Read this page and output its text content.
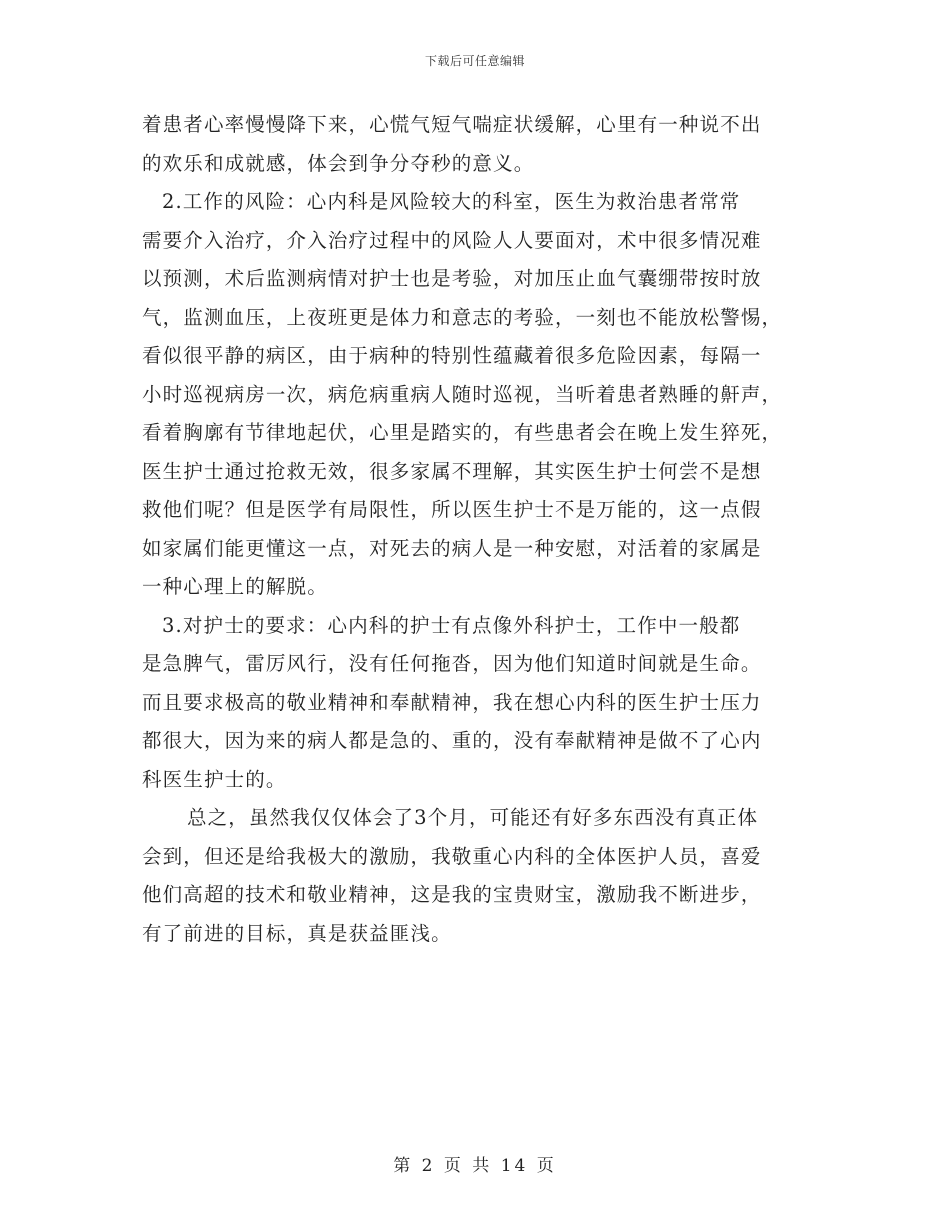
下载后可任意编辑
着患者心率慢慢降下来，心慌气短气喘症状缓解，心里有一种说不出
的欢乐和成就感，体会到争分夺秒的意义。
2.工作的风险：心内科是风险较大的科室，医生为救治患者常常
需要介入治疗，介入治疗过程中的风险人人要面对，术中很多情况难
以预测，术后监测病情对护士也是考验，对加压止血气囊绷带按时放
气，监测血压，上夜班更是体力和意志的考验，一刻也不能放松警惕，
看似很平静的病区，由于病种的特别性蕴藏着很多危险因素，每隔一
小时巡视病房一次，病危病重病人随时巡视，当听着患者熟睡的鼾声，
看着胸廓有节律地起伏，心里是踏实的，有些患者会在晚上发生猝死，
医生护士通过抢救无效，很多家属不理解，其实医生护士何尝不是想
救他们呢？但是医学有局限性，所以医生护士不是万能的，这一点假
如家属们能更懂这一点，对死去的病人是一种安慰，对活着的家属是
一种心理上的解脱。
3.对护士的要求：心内科的护士有点像外科护士，工作中一般都
是急脾气，雷厉风行，没有任何拖沓，因为他们知道时间就是生命。
而且要求极高的敬业精神和奉献精神，我在想心内科的医生护士压力
都很大，因为来的病人都是急的、重的，没有奉献精神是做不了心内
科医生护士的。
总之，虽然我仅仅体会了3个月，可能还有好多东西没有真正体
会到，但还是给我极大的激励，我敬重心内科的全体医护人员，喜爱
他们高超的技术和敬业精神，这是我的宝贵财宝，激励我不断进步，
有了前进的目标，真是获益匪浅。
第 2 页 共 14 页
